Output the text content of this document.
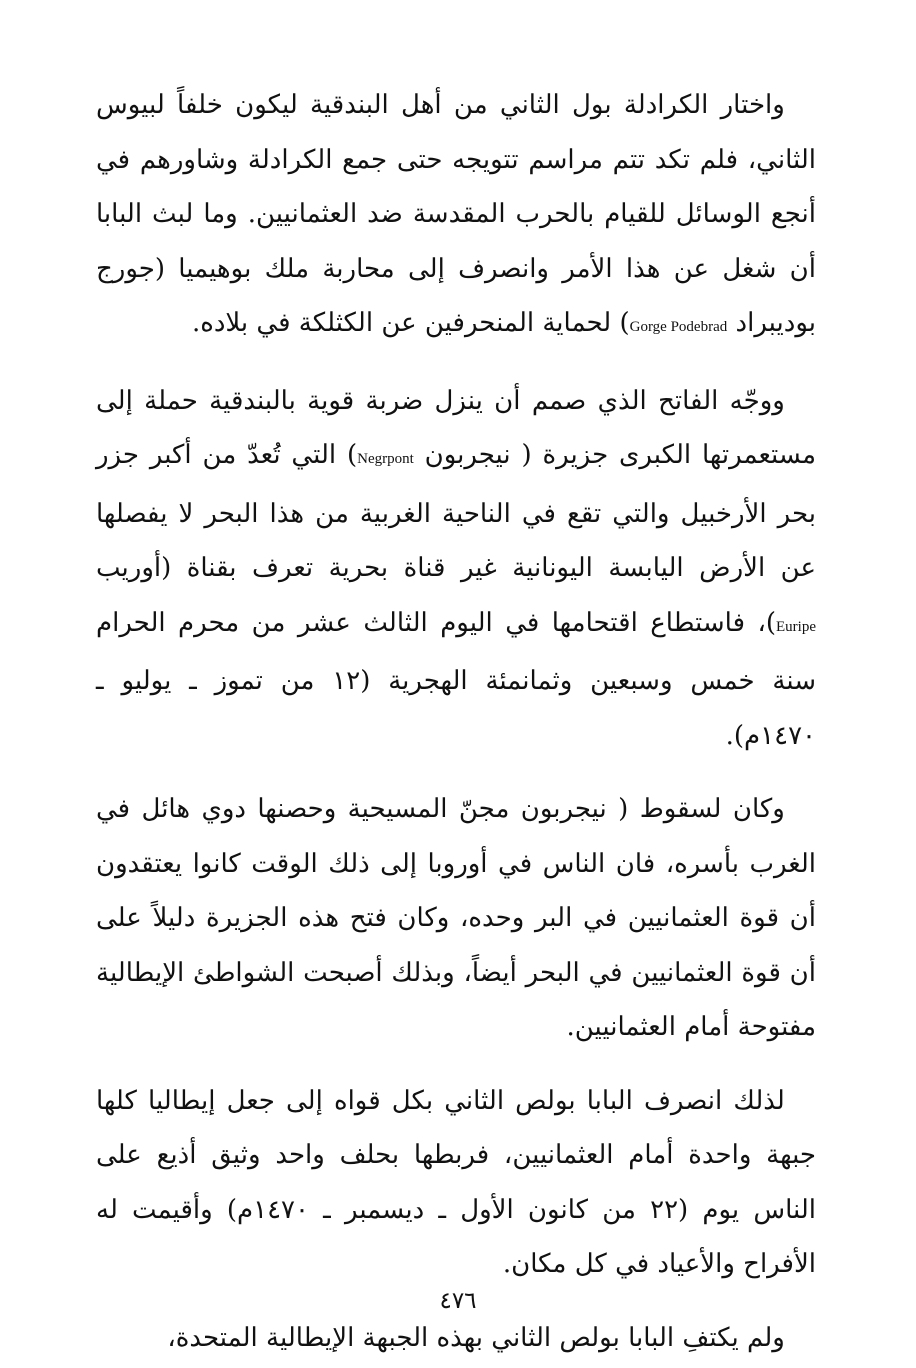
واختار الكرادلة بول الثاني من أهل البندقية ليكون خلفاً لبيوس الثاني، فلم تكد تتم مراسم تتويجه حتى جمع الكرادلة وشاورهم في أنجع الوسائل للقيام بالحرب المقدسة ضد العثمانيين. وما لبث البابا أن شغل عن هذا الأمر وانصرف إلى محاربة ملك بوهيميا (جورج بوديبراد Gorge Podebrad) لحماية المنحرفين عن الكثلكة في بلاده.

ووجّه الفاتح الذي صمم أن ينزل ضربة قوية بالبندقية حملة إلى مستعمرتها الكبرى جزيرة ( نيجربون Negrpont) التي تُعدّ من أكبر جزر بحر الأرخبيل والتي تقع في الناحية الغربية من هذا البحر لا يفصلها عن الأرض اليابسة اليونانية غير قناة بحرية تعرف بقناة (أوريب Euripe)، فاستطاع اقتحامها في اليوم الثالث عشر من محرم الحرام سنة خمس وسبعين وثمانمئة الهجرية (١٢ من تموز ـ يوليو ـ ١٤٧٠م).

وكان لسقوط ( نيجربون مجنّ المسيحية وحصنها دوي هائل في الغرب بأسره، فان الناس في أوروبا إلى ذلك الوقت كانوا يعتقدون أن قوة العثمانيين في البر وحده، وكان فتح هذه الجزيرة دليلاً على أن قوة العثمانيين في البحر أيضاً، وبذلك أصبحت الشواطئ الإيطالية مفتوحة أمام العثمانيين.

لذلك انصرف البابا بولص الثاني بكل قواه إلى جعل إيطاليا كلها جبهة واحدة أمام العثمانيين، فربطها بحلف واحد وثيق أذيع على الناس يوم (٢٢ من كانون الأول ـ ديسمبر ـ ١٤٧٠م) وأقيمت له الأفراح والأعياد في كل مكان.

ولم يكتفِ البابا بولص الثاني بهذه الجبهة الإيطالية المتحدة،

٤٧٦
